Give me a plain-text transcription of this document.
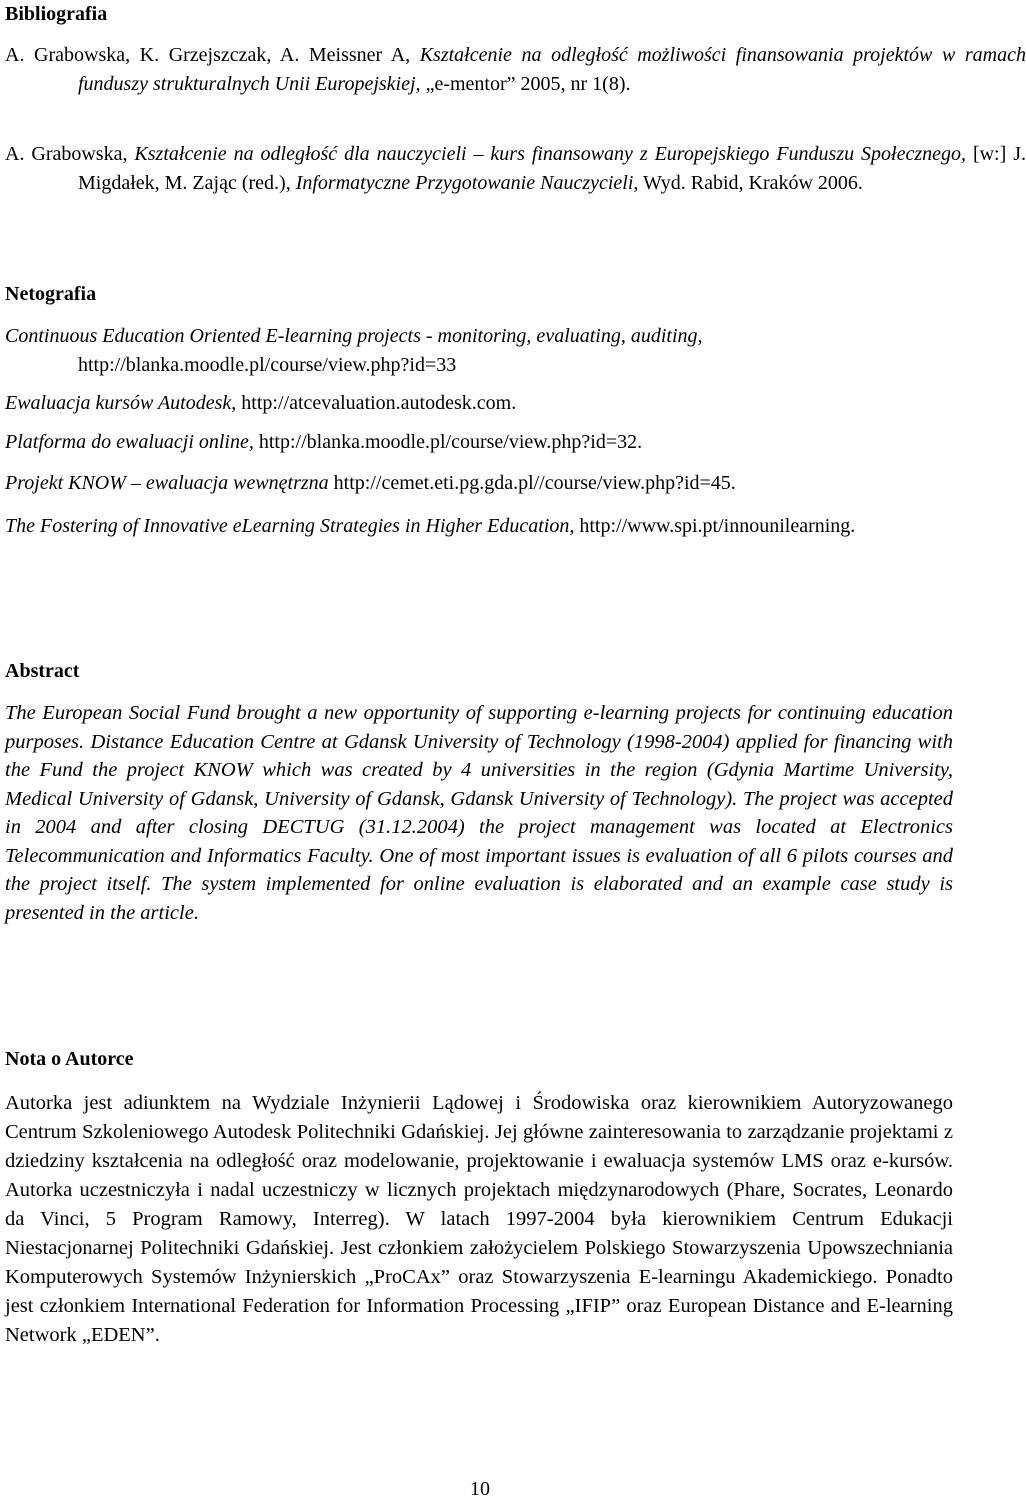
Bibliografia

A. Grabowska, K. Grzejszczak, A. Meissner A, Kształcenie na odległość możliwości finansowania projektów w ramach funduszy strukturalnych Unii Europejskiej, „e-mentor” 2005, nr 1(8).

A. Grabowska, Kształcenie na odległość dla nauczycieli – kurs finansowany z Europejskiego Funduszu Społecznego, [w:] J. Migdałek, M. Zając (red.), Informatyczne Przygotowanie Nauczycieli, Wyd. Rabid, Kraków 2006.

Netografia

Continuous Education Oriented E-learning projects - monitoring, evaluating, auditing, http://blanka.moodle.pl/course/view.php?id=33

Ewaluacja kursów Autodesk, http://atcevaluation.autodesk.com.

Platforma do ewaluacji online, http://blanka.moodle.pl/course/view.php?id=32.

Projekt KNOW – ewaluacja wewnętrzna http://cemet.eti.pg.gda.pl//course/view.php?id=45.

The Fostering of Innovative eLearning Strategies in Higher Education, http://www.spi.pt/innounilearning.

Abstract

The European Social Fund brought a new opportunity of supporting e-learning projects for continuing education purposes. Distance Education Centre at Gdansk University of Technology (1998-2004) applied for financing with the Fund the project KNOW which was created by 4 universities in the region (Gdynia Martime University, Medical University of Gdansk, University of Gdansk, Gdansk University of Technology). The project was accepted in 2004 and after closing DECTUG (31.12.2004) the project management was located at Electronics Telecommunication and Informatics Faculty. One of most important issues is evaluation of all 6 pilots courses and the project itself. The system implemented for online evaluation is elaborated and an example case study is presented in the article.

Nota o Autorce

Autorka jest adiunktem na Wydziale Inżynierii Lądowej i Środowiska oraz kierownikiem Autoryzowanego Centrum Szkoleniowego Autodesk Politechniki Gdańskiej. Jej główne zainteresowania to zarządzanie projektami z dziedziny kształcenia na odległość oraz modelowanie, projektowanie i ewaluacja systemów LMS oraz e-kursów. Autorka uczestniczyła i nadal uczestniczy w licznych projektach międzynarodowych (Phare, Socrates, Leonardo da Vinci, 5 Program Ramowy, Interreg). W latach 1997-2004 była kierownikiem Centrum Edukacji Niestacjonarnej Politechniki Gdańskiej. Jest członkiem założycielem Polskiego Stowarzyszenia Upowszechniania Komputerowych Systemów Inżynierskich „ProCAx” oraz Stowarzyszenia E-learningu Akademickiego. Ponadto jest członkiem International Federation for Information Processing „IFIP” oraz European Distance and E-learning Network „EDEN”.

10
